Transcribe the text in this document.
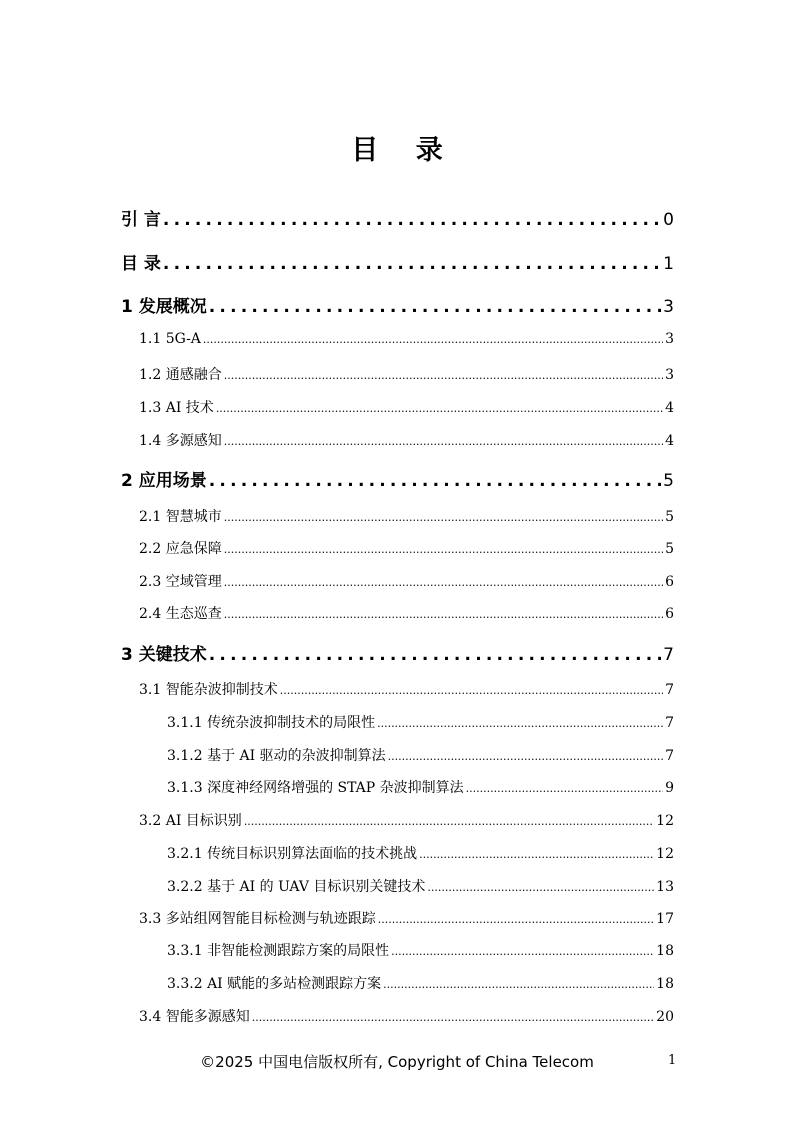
目 录
引 言 .....	0
目 录 .....	1
1 发展概况 .....	3
1.1 5G-A .....	3
1.2 通感融合 .....	3
1.3 AI 技术 .....	4
1.4 多源感知 .....	4
2 应用场景 .....	5
2.1 智慧城市 .....	5
2.2 应急保障 .....	5
2.3 空域管理 .....	6
2.4 生态巡查 .....	6
3 关键技术 .....	7
3.1 智能杂波抑制技术 .....	7
3.1.1 传统杂波抑制技术的局限性 .....	7
3.1.2 基于 AI 驱动的杂波抑制算法 .....	7
3.1.3 深度神经网络增强的 STAP 杂波抑制算法 .....	9
3.2 AI 目标识别 .....	12
3.2.1 传统目标识别算法面临的技术挑战 .....	12
3.2.2 基于 AI 的 UAV 目标识别关键技术 .....	13
3.3 多站组网智能目标检测与轨迹跟踪 .....	17
3.3.1 非智能检测跟踪方案的局限性 .....	18
3.3.2 AI 赋能的多站检测跟踪方案 .....	18
3.4 智能多源感知 .....	20
©2025 中国电信版权所有, Copyright of China Telecom	1
